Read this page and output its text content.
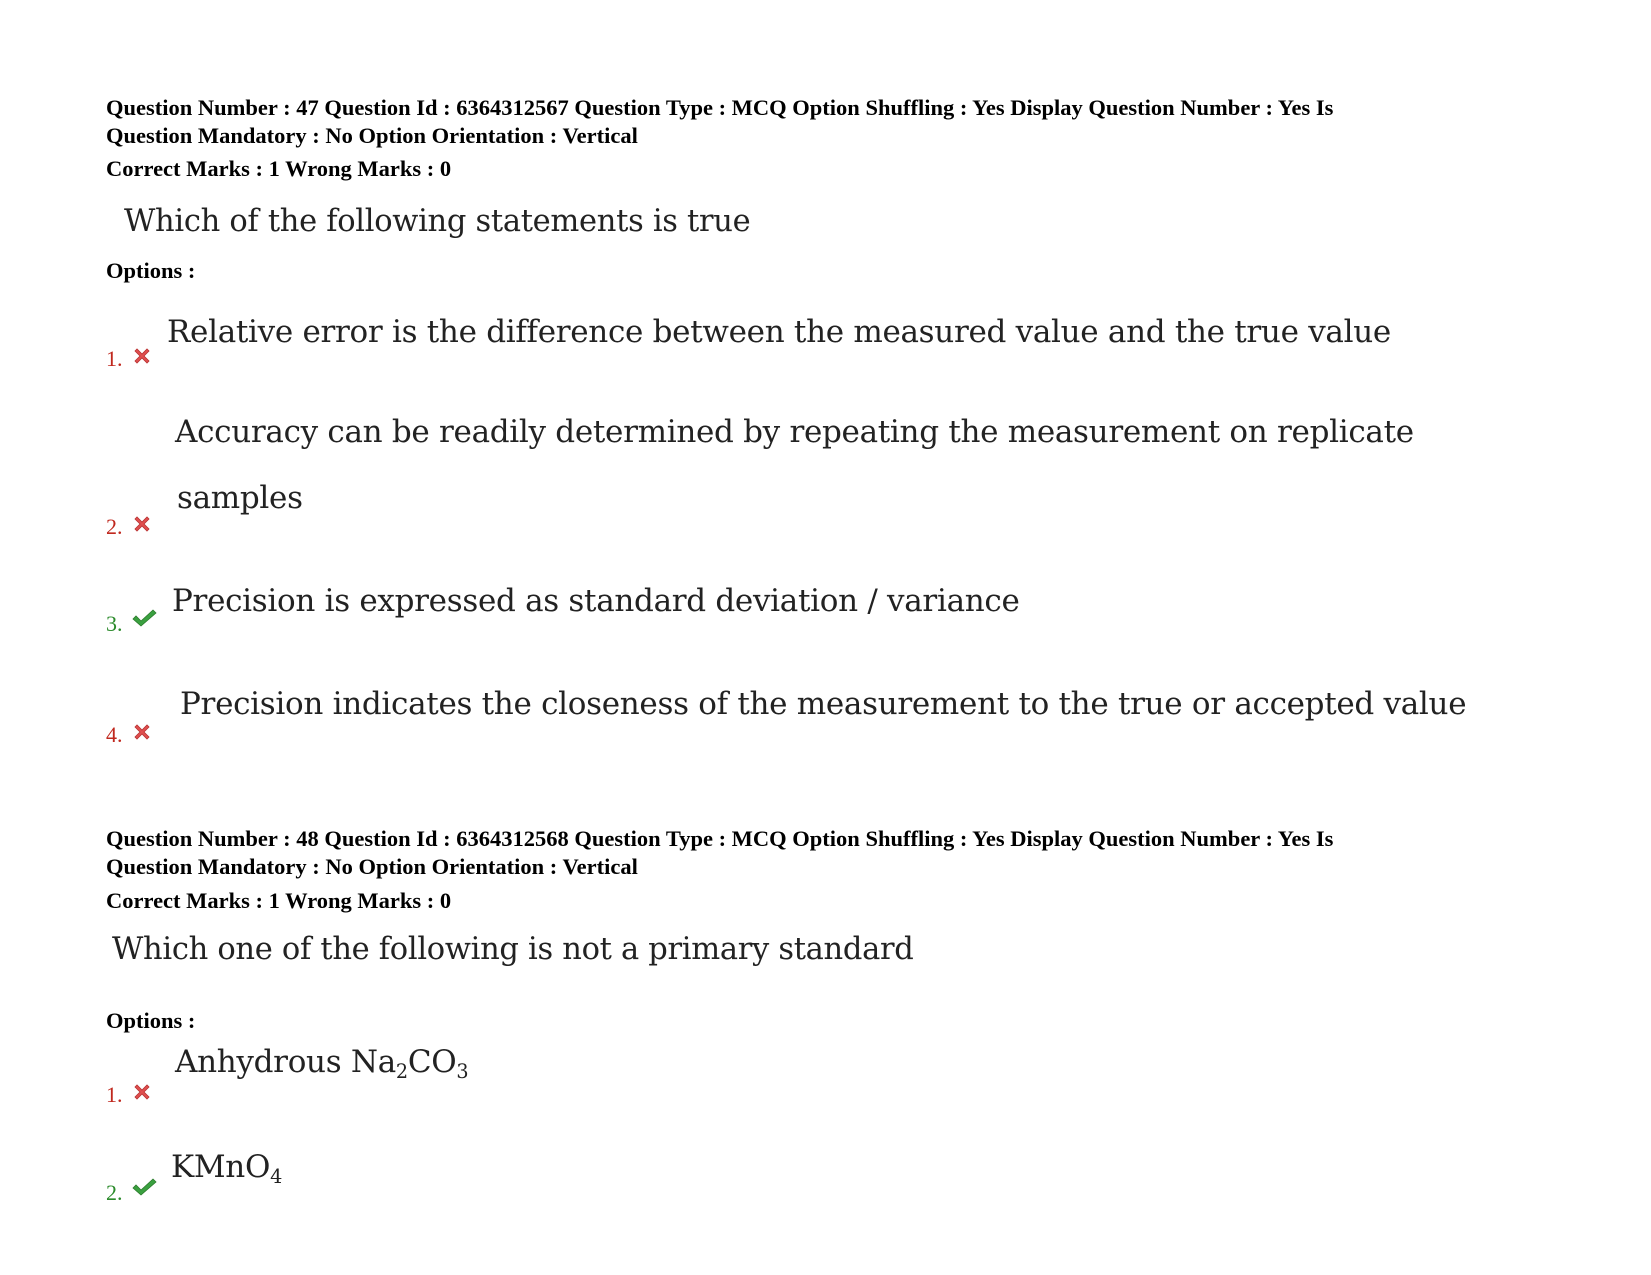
Question Number : 47 Question Id : 6364312567 Question Type : MCQ Option Shuffling : Yes Display Question Number : Yes Is
Question Mandatory : No Option Orientation : Vertical
Correct Marks : 1 Wrong Marks : 0
Which of the following statements is true
Options :
1.
Relative error is the difference between the measured value and the true value
2.
Accuracy can be readily determined by repeating the measurement on replicate
samples
3.
Precision is expressed as standard deviation / variance
4.
Precision indicates the closeness of the measurement to the true or accepted value
Question Number : 48 Question Id : 6364312568 Question Type : MCQ Option Shuffling : Yes Display Question Number : Yes Is
Question Mandatory : No Option Orientation : Vertical
Correct Marks : 1 Wrong Marks : 0
Which one of the following is not a primary standard
Options :
1.
Anhydrous $Na_2CO_3$
2.
KMnO$_4$
